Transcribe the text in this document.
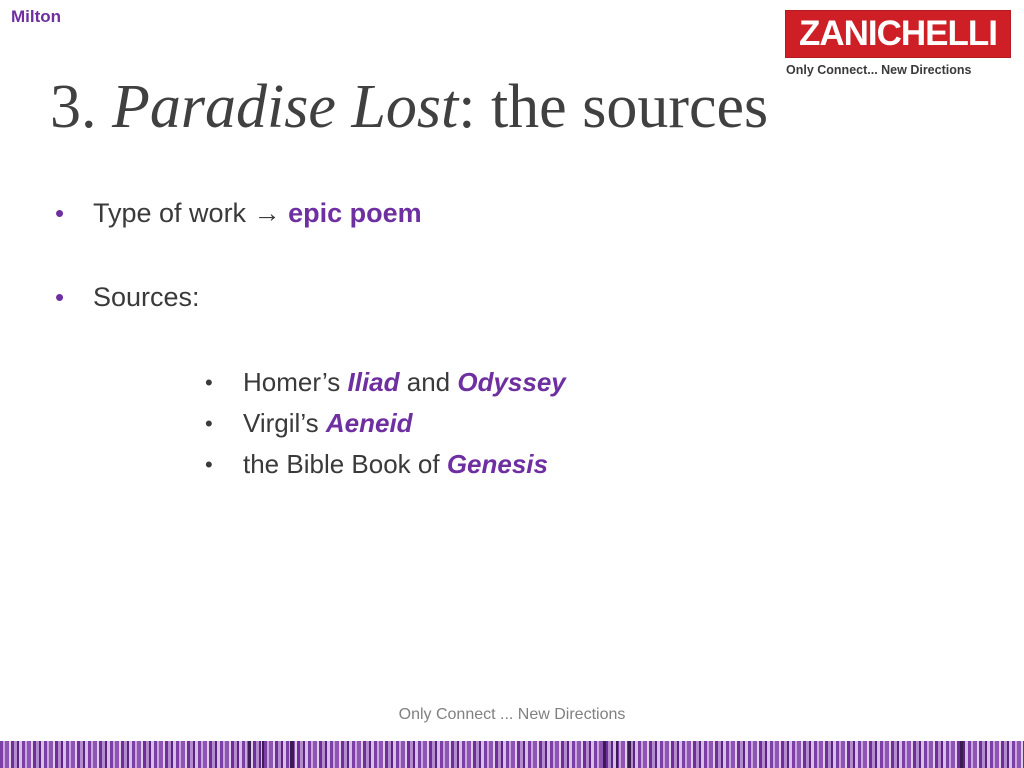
Milton	ZANICHELLI
Only Connect... New Directions
3. Paradise Lost: the sources
• Type of work → epic poem
• Sources:
• Homer’s Iliad and Odyssey
• Virgil’s Aeneid
• the Bible Book of Genesis
Only Connect ... New Directions
